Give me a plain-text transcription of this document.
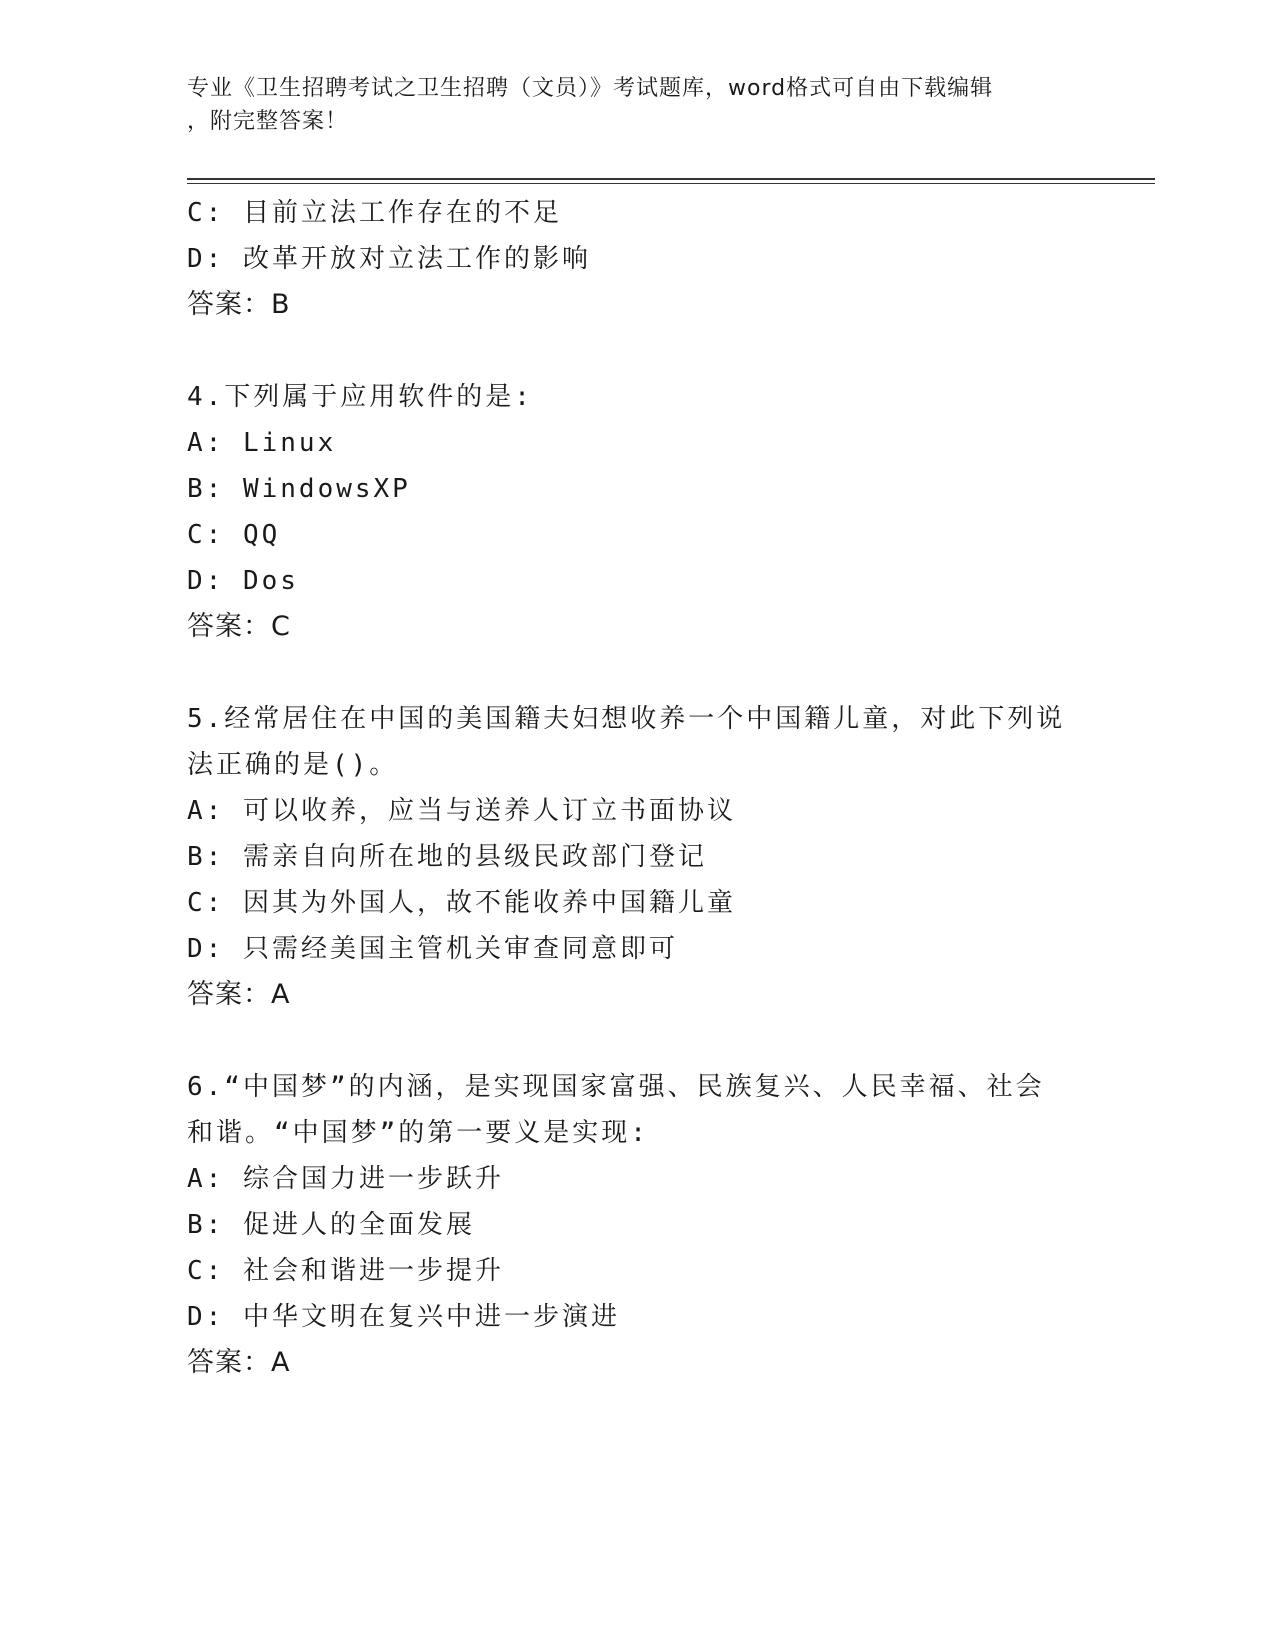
专业《卫生招聘考试之卫生招聘（文员）》考试题库，word格式可自由下载编辑
，附完整答案！
C: 目前立法工作存在的不足
D: 改革开放对立法工作的影响
答案：B
4.下列属于应用软件的是:
A: Linux
B: WindowsXP
C: QQ
D: Dos
答案：C
5.经常居住在中国的美国籍夫妇想收养一个中国籍儿童，对此下列说
法正确的是()。
A: 可以收养，应当与送养人订立书面协议
B: 需亲自向所在地的县级民政部门登记
C: 因其为外国人，故不能收养中国籍儿童
D: 只需经美国主管机关审查同意即可
答案：A
6.“中国梦”的内涵，是实现国家富强、民族复兴、人民幸福、社会
和谐。“中国梦”的第一要义是实现:
A: 综合国力进一步跃升
B: 促进人的全面发展
C: 社会和谐进一步提升
D: 中华文明在复兴中进一步演进
答案：A
